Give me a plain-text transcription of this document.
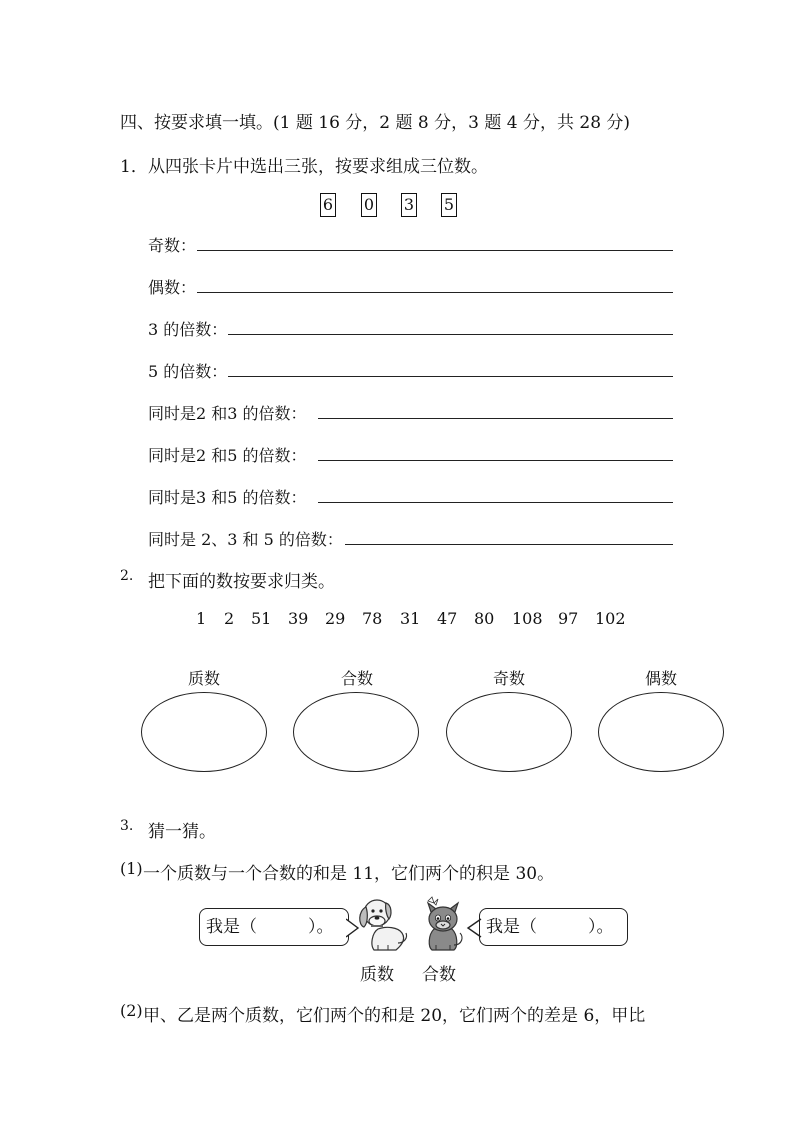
四、按要求填一填。(1 题 16 分，2 题 8 分，3 题 4 分，共 28 分)
1． 从四张卡片中选出三张，按要求组成三位数。
6 0 3 5
奇数：
偶数：
3 的倍数：
5 的倍数：
同时是2 和3 的倍数：
同时是2 和5 的倍数：
同时是3 和5 的倍数：
同时是 2、3 和 5 的倍数：
2. 把下面的数按要求归类。
1 2 51 39 29 78 31 47 80 108 97 102
质数	合数	奇数	偶数
3. 猜一猜。
(1) 一个质数与一个合数的和是 11，它们两个的积是 30。
我是（　　　）。	我是（　　　）。
质数 合数
(2) 甲、乙是两个质数，它们两个的和是 20，它们两个的差是 6，甲比
